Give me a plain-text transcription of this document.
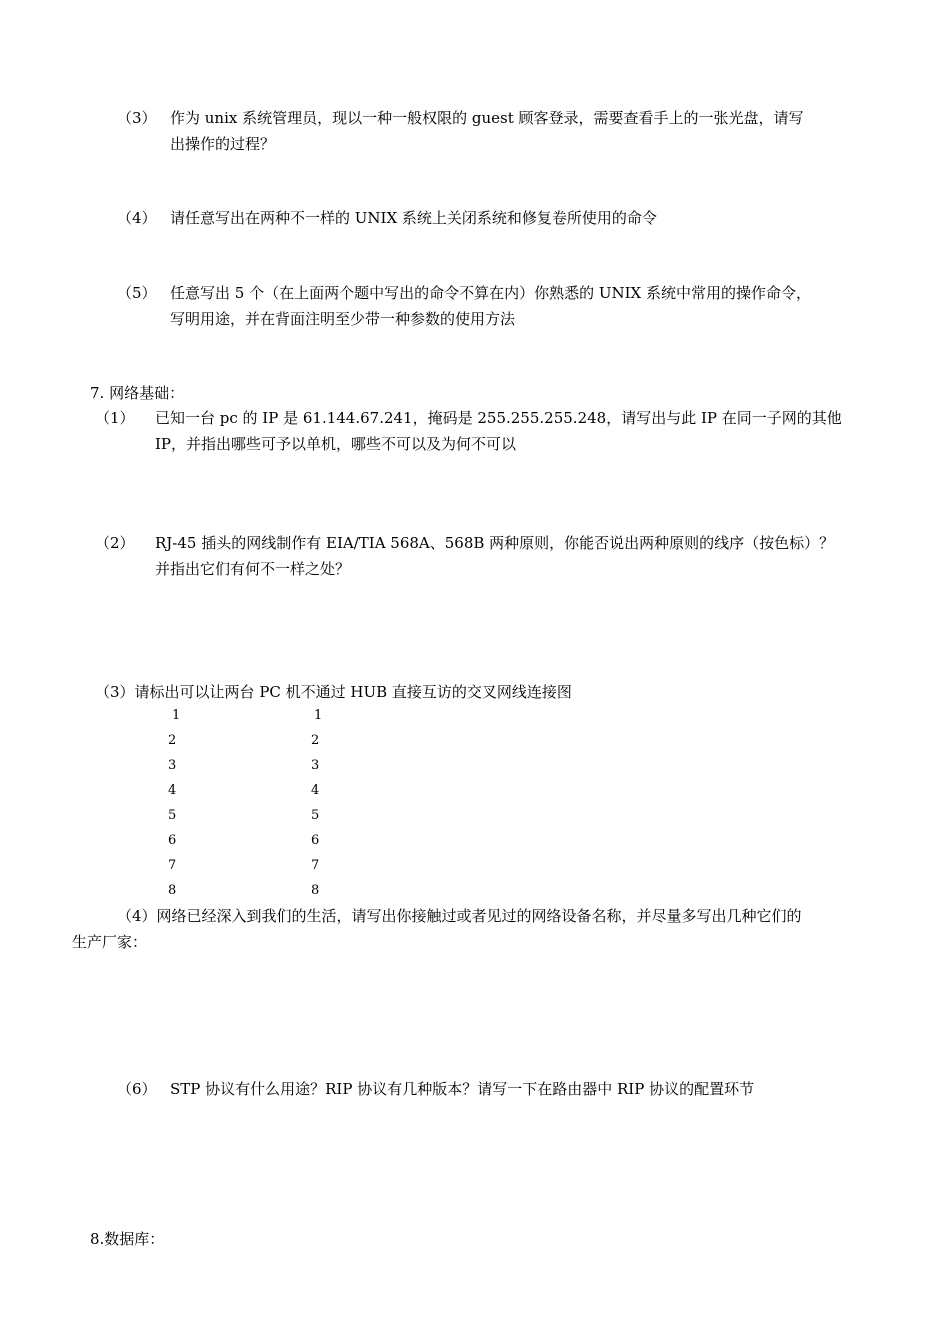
（3） 作为 unix 系统管理员，现以一种一般权限的 guest 顾客登录，需要查看手上的一张光盘，请写
出操作的过程？
（4） 请任意写出在两种不一样的 UNIX 系统上关闭系统和修复卷所使用的命令
（5） 任意写出 5 个（在上面两个题中写出的命令不算在内）你熟悉的 UNIX 系统中常用的操作命令，
写明用途，并在背面注明至少带一种参数的使用方法
7. 网络基础：
（1） 已知一台 pc 的 IP 是 61.144.67.241，掩码是 255.255.255.248，请写出与此 IP 在同一子网的其他
IP，并指出哪些可予以单机，哪些不可以及为何不可以
（2） RJ-45 插头的网线制作有 EIA/TIA 568A、568B 两种原则，你能否说出两种原则的线序（按色标）？
并指出它们有何不一样之处？
（3）请标出可以让两台 PC 机不通过 HUB 直接互访的交叉网线连接图
1
2
3
4
5
6
7
8
1
2
3
4
5
6
7
8
（4）网络已经深入到我们的生活，请写出你接触过或者见过的网络设备名称，并尽量多写出几种它们的
生产厂家：
（6） STP 协议有什么用途？RIP 协议有几种版本？请写一下在路由器中 RIP 协议的配置环节
8.数据库：
